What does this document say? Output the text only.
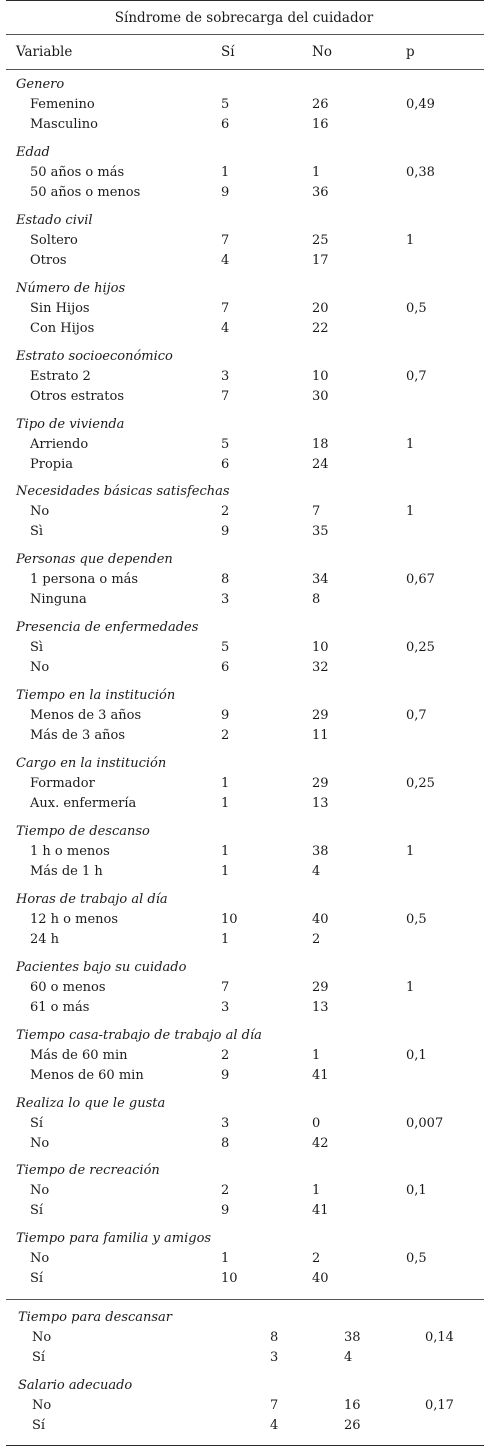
Síndrome de sobrecarga del cuidador
Variable	Sí	No	p
Genero
Femenino	5	26	0,49
Masculino	6	16
Edad
50 años o más	1	1	0,38
50 años o menos	9	36
Estado civil
Soltero	7	25	1
Otros	4	17
Número de hijos
Sin Hijos	7	20	0,5
Con Hijos	4	22
Estrato socioeconómico
Estrato 2	3	10	0,7
Otros estratos	7	30
Tipo de vivienda
Arriendo	5	18	1
Propia	6	24
Necesidades básicas satisfechas
No	2	7	1
Sì	9	35
Personas que dependen
1 persona o más	8	34	0,67
Ninguna	3	8
Presencia de enfermedades
Sì	5	10	0,25
No	6	32
Tiempo en la institución
Menos de 3 años	9	29	0,7
Más de 3 años	2	11
Cargo en la institución
Formador	1	29	0,25
Aux. enfermería	1	13
Tiempo de descanso
1 h o menos	1	38	1
Más de 1 h	1	4
Horas de trabajo al día
12 h o menos	10	40	0,5
24 h	1	2
Pacientes bajo su cuidado
60 o menos	7	29	1
61 o más	3	13
Tiempo casa-trabajo de trabajo al día
Más de 60 min	2	1	0,1
Menos de 60 min	9	41
Realiza lo que le gusta
Sí	3	0	0,007
No	8	42
Tiempo de recreación
No	2	1	0,1
Sí	9	41
Tiempo para familia y amigos
No	1	2	0,5
Sí	10	40
Tiempo para descansar
No	8	38	0,14
Sí	3	4
Salario adecuado
No	7	16	0,17
Sí	4	26
